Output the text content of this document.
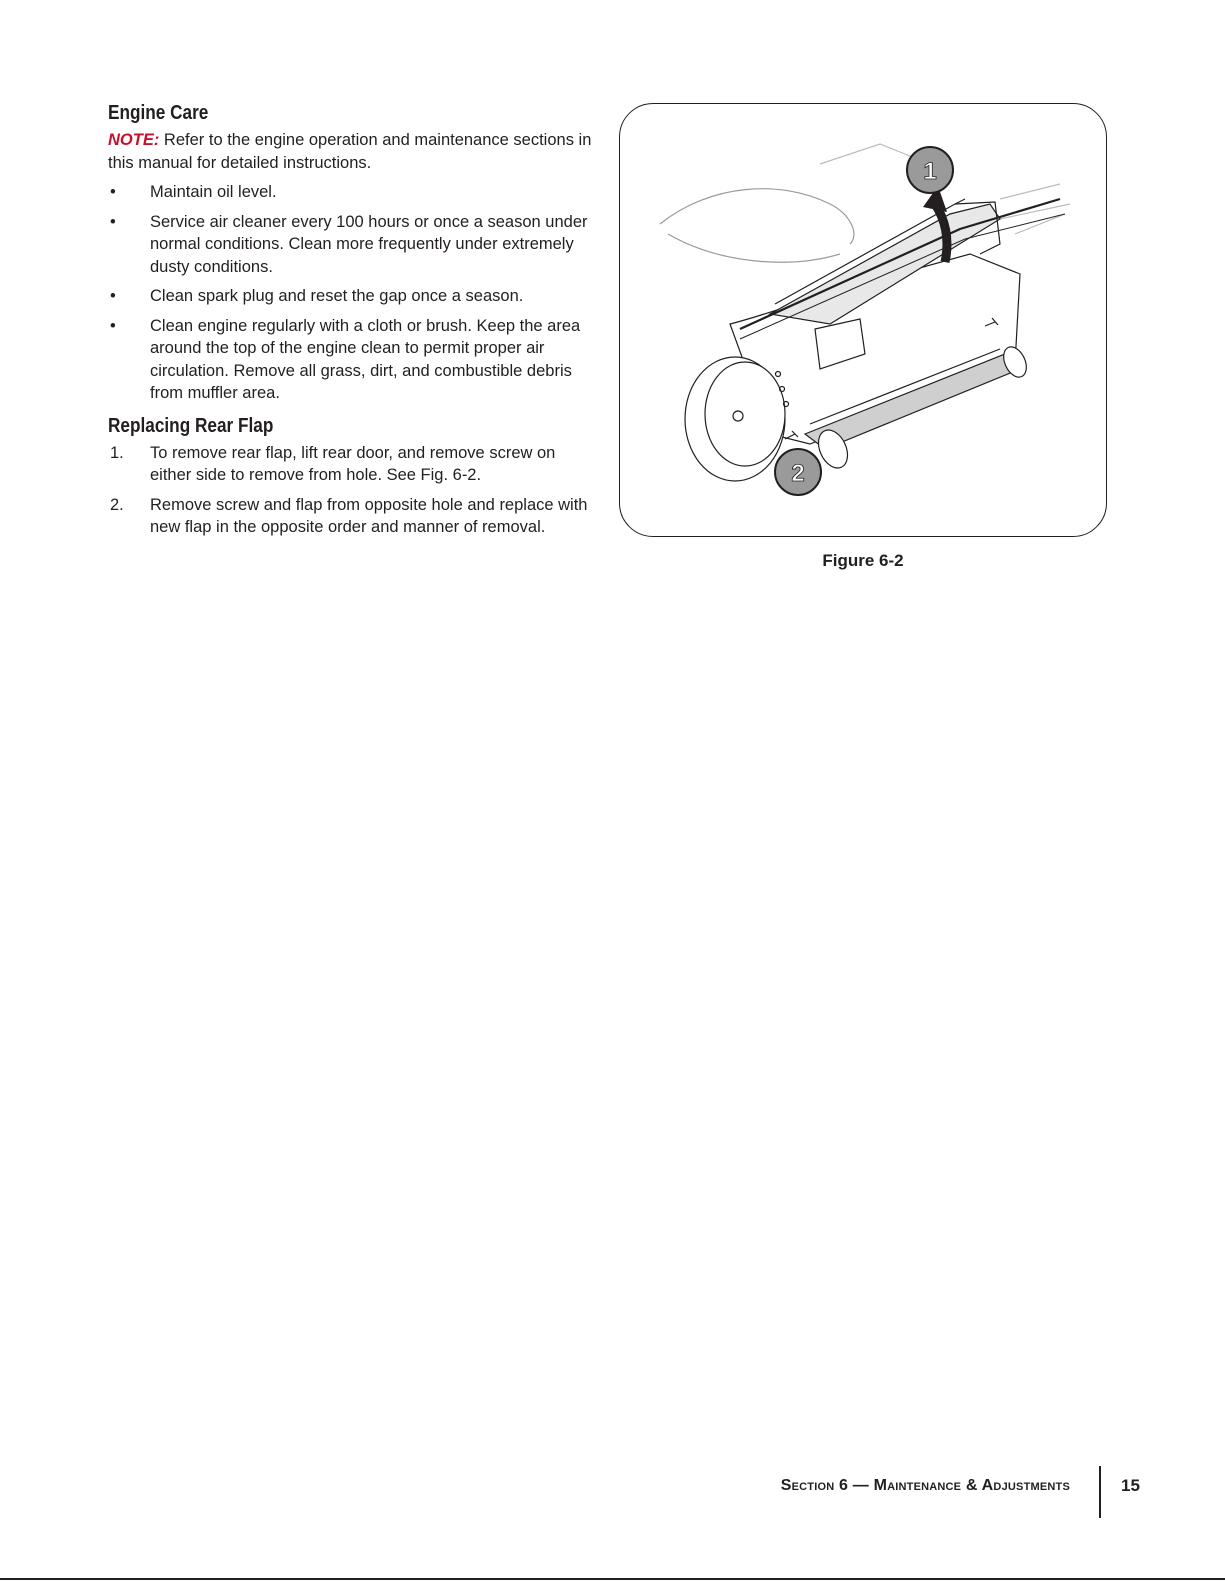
Engine Care

NOTE: Refer to the engine operation and maintenance sections in this manual for detailed instructions.

• Maintain oil level.
• Service air cleaner every 100 hours or once a season under normal conditions. Clean more frequently under extremely dusty conditions.
• Clean spark plug and reset the gap once a season.
• Clean engine regularly with a cloth or brush. Keep the area around the top of the engine clean to permit proper air circulation. Remove all grass, dirt, and combustible debris from muffler area.
Replacing Rear Flap
1. To remove rear flap, lift rear door, and remove screw on either side to remove from hole. See Fig. 6-2.
2. Remove screw and flap from opposite hole and replace with new flap in the opposite order and manner of removal.
1
2
Figure 6-2
Section 6 — Maintenance & Adjustments	15
